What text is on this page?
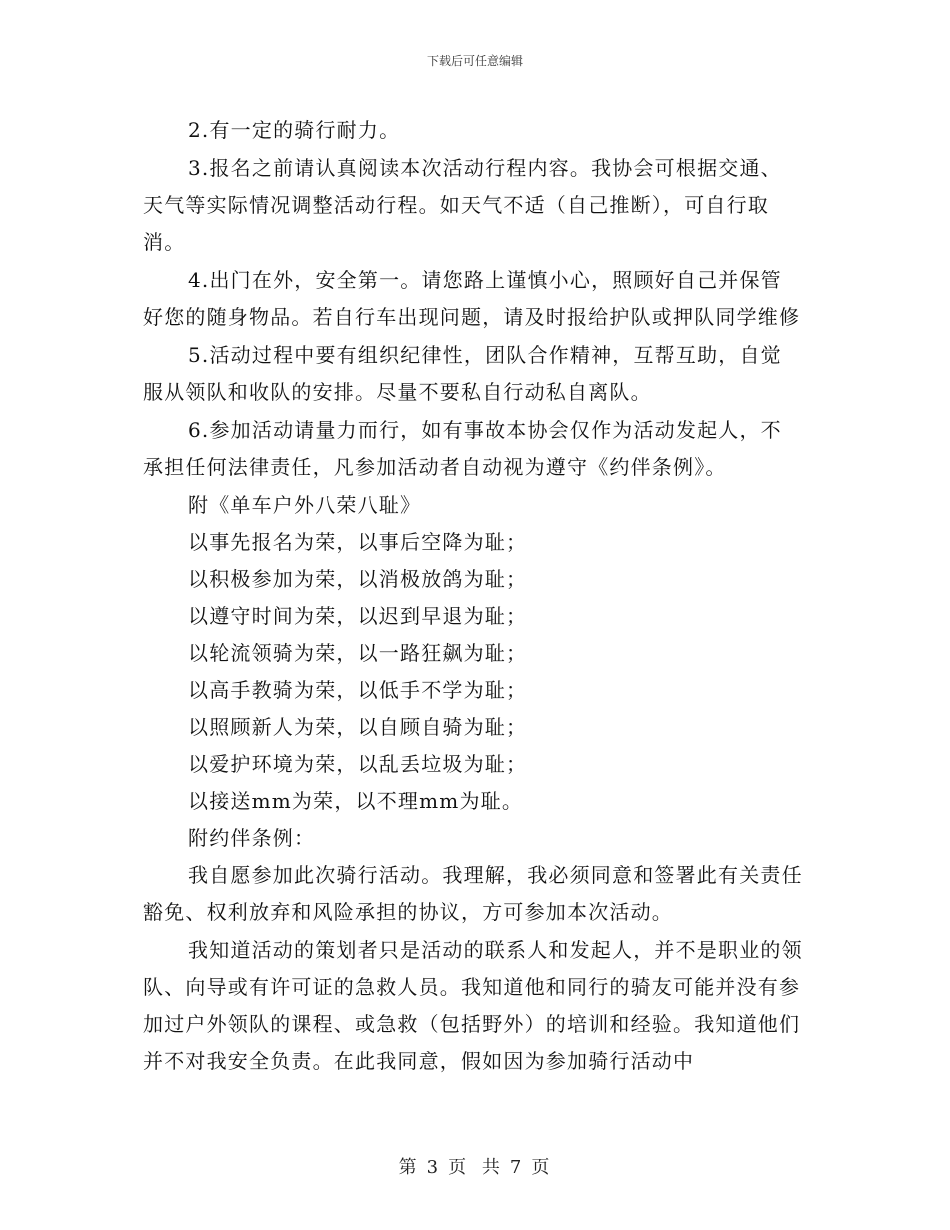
下载后可任意编辑

2.有一定的骑行耐力。

3.报名之前请认真阅读本次活动行程内容。我协会可根据交通、天气等实际情况调整活动行程。如天气不适（自己推断），可自行取消。

4.出门在外，安全第一。请您路上谨慎小心，照顾好自己并保管好您的随身物品。若自行车出现问题，请及时报给护队或押队同学维修

5.活动过程中要有组织纪律性，团队合作精神，互帮互助，自觉服从领队和收队的安排。尽量不要私自行动私自离队。

6.参加活动请量力而行，如有事故本协会仅作为活动发起人，不承担任何法律责任，凡参加活动者自动视为遵守《约伴条例》。

附《单车户外八荣八耻》

以事先报名为荣，以事后空降为耻；

以积极参加为荣，以消极放鸽为耻；

以遵守时间为荣，以迟到早退为耻；

以轮流领骑为荣，以一路狂飙为耻；

以高手教骑为荣，以低手不学为耻；

以照顾新人为荣，以自顾自骑为耻；

以爱护环境为荣，以乱丢垃圾为耻；

以接送mm为荣，以不理mm为耻。

附约伴条例：

我自愿参加此次骑行活动。我理解，我必须同意和签署此有关责任豁免、权利放弃和风险承担的协议，方可参加本次活动。

我知道活动的策划者只是活动的联系人和发起人，并不是职业的领队、向导或有许可证的急救人员。我知道他和同行的骑友可能并没有参加过户外领队的课程、或急救（包括野外）的培训和经验。我知道他们并不对我安全负责。在此我同意，假如因为参加骑行活动中

第 3 页 共 7 页
